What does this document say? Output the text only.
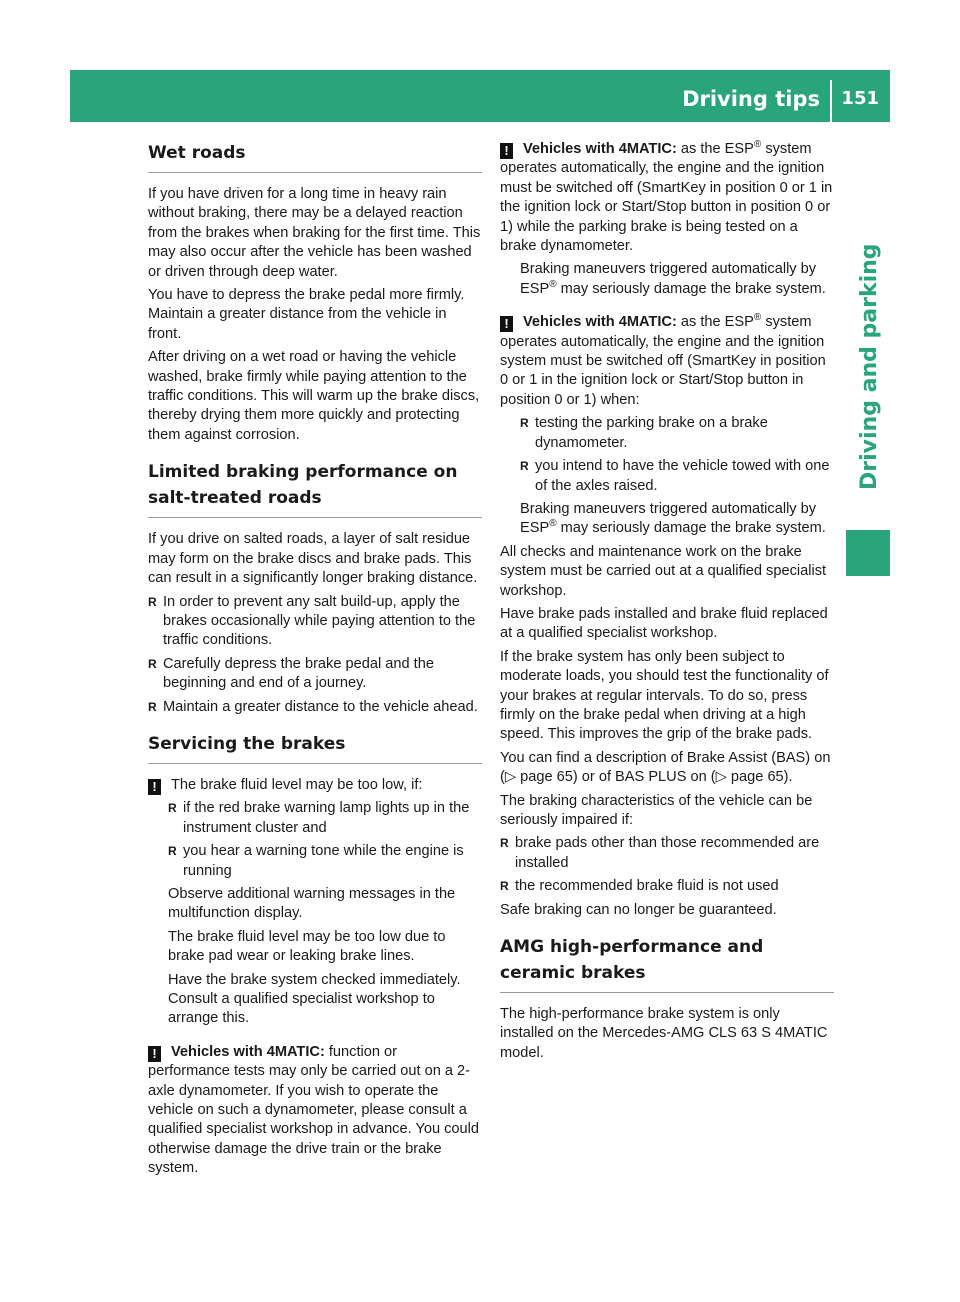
Driving tips 151
Driving and parking
Wet roads

If you have driven for a long time in heavy rain without braking, there may be a delayed reaction from the brakes when braking for the first time. This may also occur after the vehicle has been washed or driven through deep water.

You have to depress the brake pedal more firmly. Maintain a greater distance from the vehicle in front.

After driving on a wet road or having the vehicle washed, brake firmly while paying attention to the traffic conditions. This will warm up the brake discs, thereby drying them more quickly and protecting them against corrosion.

Limited braking performance on salt-treated roads

If you drive on salted roads, a layer of salt residue may form on the brake discs and brake pads. This can result in a significantly longer braking distance.

R In order to prevent any salt build-up, apply the brakes occasionally while paying attention to the traffic conditions.
R Carefully depress the brake pedal and the beginning and end of a journey.
R Maintain a greater distance to the vehicle ahead.
Servicing the brakes

! The brake fluid level may be too low, if:

R if the red brake warning lamp lights up in the instrument cluster and
R you hear a warning tone while the engine is running

Observe additional warning messages in the multifunction display.

The brake fluid level may be too low due to brake pad wear or leaking brake lines.

Have the brake system checked immediately. Consult a qualified specialist workshop to arrange this.

! Vehicles with 4MATIC: function or performance tests may only be carried out on a 2-axle dynamometer. If you wish to operate the vehicle on such a dynamometer, please consult a qualified specialist workshop in advance. You could otherwise damage the drive train or the brake system.

! Vehicles with 4MATIC: as the ESP® system operates automatically, the engine and the ignition must be switched off (SmartKey in position 0 or 1 in the ignition lock or Start/Stop button in position 0 or 1) while the parking brake is being tested on a brake dynamometer.

Braking maneuvers triggered automatically by ESP® may seriously damage the brake system.

! Vehicles with 4MATIC: as the ESP® system operates automatically, the engine and the ignition system must be switched off (SmartKey in position 0 or 1 in the ignition lock or Start/Stop button in position 0 or 1) when:

R testing the parking brake on a brake dynamometer.
R you intend to have the vehicle towed with one of the axles raised.

Braking maneuvers triggered automatically by ESP® may seriously damage the brake system.

All checks and maintenance work on the brake system must be carried out at a qualified specialist workshop.

Have brake pads installed and brake fluid replaced at a qualified specialist workshop.

If the brake system has only been subject to moderate loads, you should test the functionality of your brakes at regular intervals. To do so, press firmly on the brake pedal when driving at a high speed. This improves the grip of the brake pads.

You can find a description of Brake Assist (BAS) on (▷ page 65) or of BAS PLUS on (▷ page 65).

The braking characteristics of the vehicle can be seriously impaired if:

R brake pads other than those recommended are installed
R the recommended brake fluid is not used

Safe braking can no longer be guaranteed.

AMG high-performance and ceramic brakes

The high-performance brake system is only installed on the Mercedes-AMG CLS 63 S 4MATIC model.
